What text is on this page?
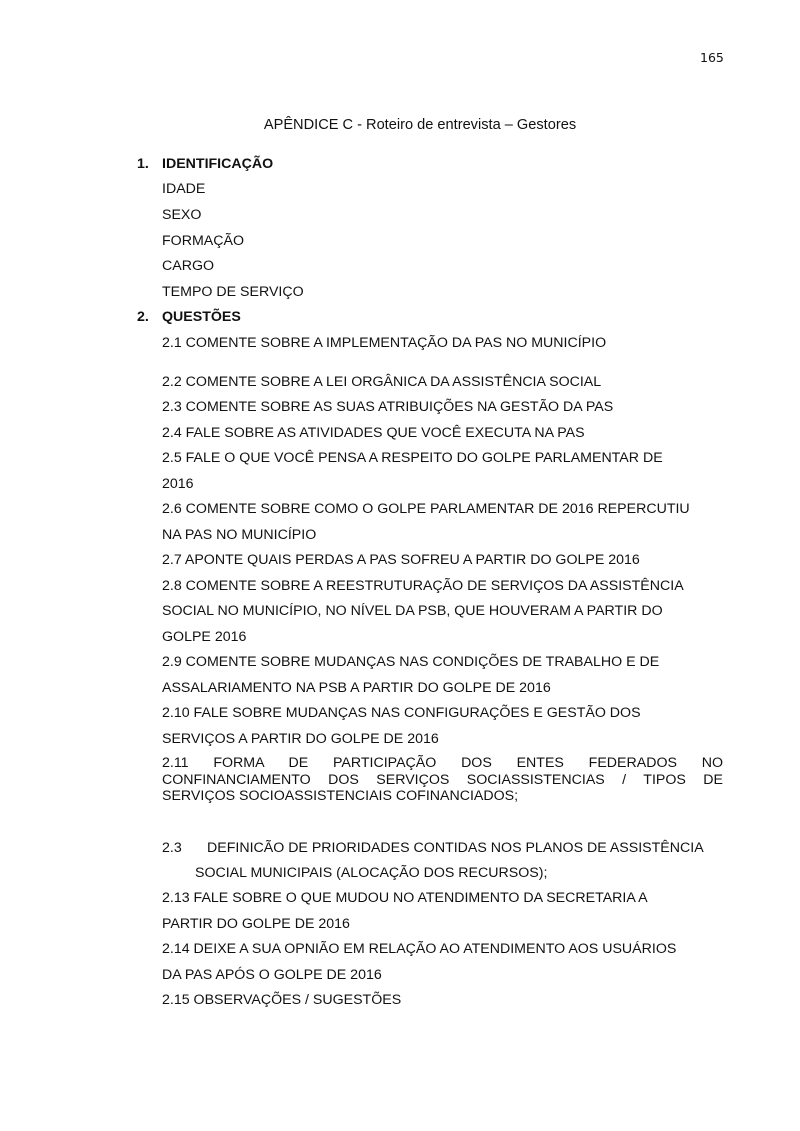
165
APÊNDICE C - Roteiro de entrevista – Gestores
1. IDENTIFICAÇÃO
IDADE
SEXO
FORMAÇÃO
CARGO
TEMPO DE SERVIÇO
2. QUESTÕES
2.1 COMENTE SOBRE A IMPLEMENTAÇÃO DA PAS NO MUNICÍPIO
2.2 COMENTE SOBRE A LEI ORGÂNICA DA ASSISTÊNCIA SOCIAL
2.3 COMENTE SOBRE AS SUAS ATRIBUIÇÕES NA GESTÃO DA PAS
2.4 FALE SOBRE AS ATIVIDADES QUE VOCÊ EXECUTA NA PAS
2.5 FALE O QUE VOCÊ PENSA A RESPEITO DO GOLPE PARLAMENTAR DE
2016
2.6 COMENTE SOBRE COMO O GOLPE PARLAMENTAR DE 2016 REPERCUTIU
NA PAS NO MUNICÍPIO
2.7 APONTE QUAIS PERDAS A PAS SOFREU A PARTIR DO GOLPE 2016
2.8 COMENTE SOBRE A REESTRUTURAÇÃO DE SERVIÇOS DA ASSISTÊNCIA
SOCIAL NO MUNICÍPIO, NO NÍVEL DA PSB, QUE HOUVERAM A PARTIR DO
GOLPE 2016
2.9 COMENTE SOBRE MUDANÇAS NAS CONDIÇÕES DE TRABALHO E DE
ASSALARIAMENTO NA PSB A PARTIR DO GOLPE DE 2016
2.10 FALE SOBRE MUDANÇAS NAS CONFIGURAÇÕES E GESTÃO DOS
SERVIÇOS A PARTIR DO GOLPE DE 2016
2.11 FORMA DE PARTICIPAÇÃO DOS ENTES FEDERADOS NO
CONFINANCIAMENTO DOS SERVIÇOS SOCIASSISTENCIAS / TIPOS DE
SERVIÇOS SOCIOASSISTENCIAIS COFINANCIADOS;
2.3 DEFINICÃO DE PRIORIDADES CONTIDAS NOS PLANOS DE ASSISTÊNCIA
SOCIAL MUNICIPAIS (ALOCAÇÃO DOS RECURSOS);
2.13 FALE SOBRE O QUE MUDOU NO ATENDIMENTO DA SECRETARIA A
PARTIR DO GOLPE DE 2016
2.14 DEIXE A SUA OPNIÃO EM RELAÇÃO AO ATENDIMENTO AOS USUÁRIOS
DA PAS APÓS O GOLPE DE 2016
2.15 OBSERVAÇÕES / SUGESTÕES
